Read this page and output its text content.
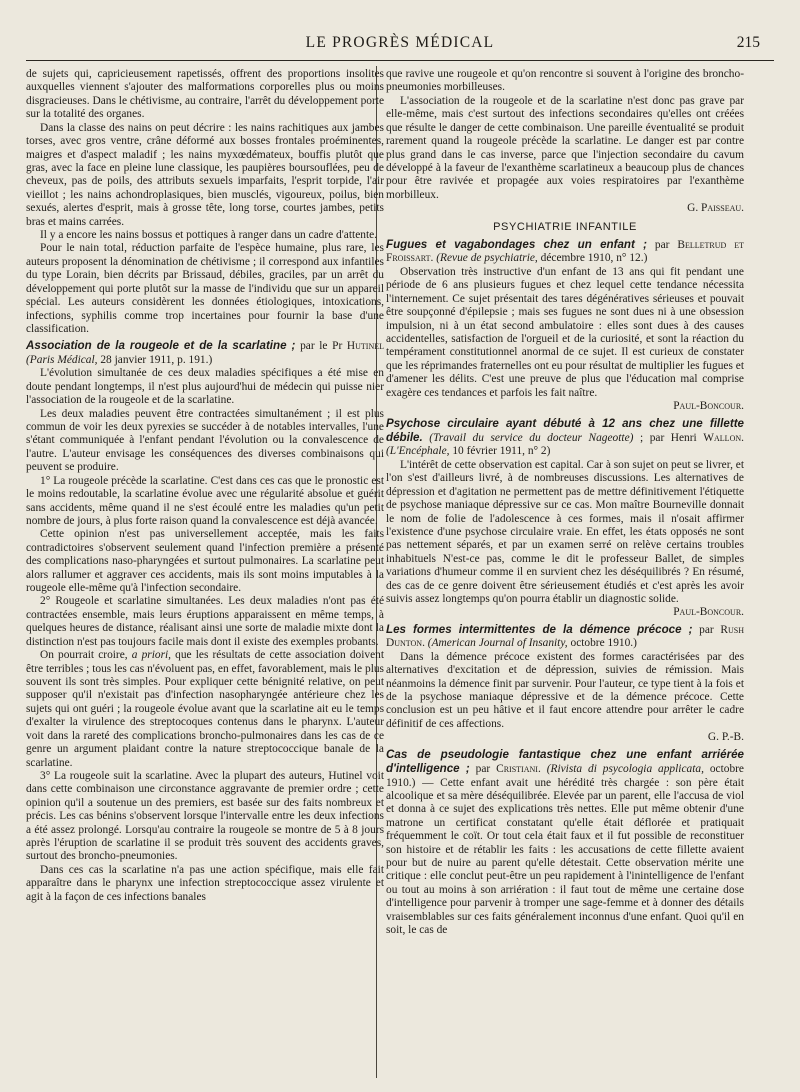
LE PROGRÈS MÉDICAL	215

de sujets qui, capricieusement rapetissés, offrent des proportions insolites auxquelles viennent s'ajouter des malformations corporelles plus ou moins disgracieuses. Dans le chétivisme, au contraire, l'arrêt du développement porte sur la totalité des organes.

Dans la classe des nains on peut décrire : les nains rachitiques aux jambes torses, avec gros ventre, crâne déformé aux bosses frontales proéminentes, maigres et d'aspect maladif ; les nains myxœdémateux, bouffis plutôt que gras, avec la face en pleine lune classique, les paupières boursouflées, peu de cheveux, pas de poils, des attributs sexuels imparfaits, l'esprit torpide, l'air vieillot ; les nains achondroplasiques, bien musclés, vigoureux, poilus, bien sexués, alertes d'esprit, mais à grosse tête, long torse, courtes jambes, petits bras et mains carrées.

Il y a encore les nains bossus et pottiques à ranger dans un cadre d'attente.

Pour le nain total, réduction parfaite de l'espèce humaine, plus rare, les auteurs proposent la dénomination de chétivisme ; il correspond aux infantiles du type Lorain, bien décrits par Brissaud, débiles, graciles, par un arrêt du développement qui porte plutôt sur la masse de l'individu que sur un appareil spécial. Les auteurs considèrent les données étiologiques, intoxications, infections, syphilis comme trop incertaines pour fournir la base d'une classification.

Association de la rougeole et de la scarlatine ; par le Pr Hutinel (Paris Médical, 28 janvier 1911, p. 191.)

L'évolution simultanée de ces deux maladies spécifiques a été mise en doute pendant longtemps, il n'est plus aujourd'hui de médecin qui puisse nier l'association de la rougeole et de la scarlatine.

Les deux maladies peuvent être contractées simultanément ; il est plus commun de voir les deux pyrexies se succéder à de notables intervalles, l'une s'étant communiquée à l'enfant pendant l'évolution ou la convalescence de l'autre. L'auteur envisage les conséquences des diverses combinaisons qui peuvent se produire.

1° La rougeole précède la scarlatine. C'est dans ces cas que le pronostic est le moins redoutable, la scarlatine évolue avec une régularité absolue et guérit sans accidents, même quand il ne s'est écoulé entre les maladies qu'un petit nombre de jours, à plus forte raison quand la convalescence est déjà avancée.

Cette opinion n'est pas universellement acceptée, mais les faits contradictoires s'observent seulement quand l'infection première a présenté des complications naso-pharyngées et surtout pulmonaires. La scarlatine peut alors rallumer et aggraver ces accidents, mais ils sont moins imputables à la rougeole elle-même qu'à l'infection secondaire.

2° Rougeole et scarlatine simultanées. Les deux maladies n'ont pas été contractées ensemble, mais leurs éruptions apparaissent en même temps, à quelques heures de distance, réalisant ainsi une sorte de maladie mixte dont la distinction n'est pas toujours facile mais dont il existe des exemples probants.

On pourrait croire, a priori, que les résultats de cette association doivent être terribles ; tous les cas n'évoluent pas, en effet, favorablement, mais le plus souvent ils sont très simples. Pour expliquer cette bénignité relative, on peut supposer qu'il n'existait pas d'infection nasopharyngée antérieure chez les sujets qui ont guéri ; la rougeole évolue avant que la scarlatine ait eu le temps d'exalter la virulence des streptocoques contenus dans le pharynx. L'auteur voit dans la rareté des complications broncho-pulmonaires dans les cas de ce genre un argument plaidant contre la nature streptococcique banale de la scarlatine.

3° La rougeole suit la scarlatine. Avec la plupart des auteurs, Hutinel voit dans cette combinaison une circonstance aggravante de premier ordre ; cette opinion qu'il a soutenue un des premiers, est basée sur des faits nombreux et précis. Les cas bénins s'observent lorsque l'intervalle entre les deux infections a été assez prolongé. Lorsqu'au contraire la rougeole se montre de 5 à 8 jours après l'éruption de scarlatine il se produit très souvent des accidents graves, surtout des broncho-pneumonies.

Dans ces cas la scarlatine n'a pas une action spécifique, mais elle fait apparaître dans le pharynx une infection streptococcique assez virulente et agit à la façon de ces infections banales

que ravive une rougeole et qu'on rencontre si souvent à l'origine des broncho-pneumonies morbilleuses.

L'association de la rougeole et de la scarlatine n'est donc pas grave par elle-même, mais c'est surtout des infections secondaires qu'elles ont créées que résulte le danger de cette combinaison. Une pareille éventualité se produit rarement quand la rougeole précède la scarlatine. Le danger est par contre plus grand dans le cas inverse, parce que l'injection secondaire du cavum développé à la faveur de l'exanthème scarlatineux a beaucoup plus de chances pour être ravivée et propagée aux voies respiratoires par l'exanthème morbilleux.

G. Paisseau.

PSYCHIATRIE INFANTILE

Fugues et vagabondages chez un enfant ; par Belletrud et Froissart. (Revue de psychiatrie, décembre 1910, n° 12.)

Observation très instructive d'un enfant de 13 ans qui fit pendant une période de 6 ans plusieurs fugues et chez lequel cette tendance nécessita l'internement. Ce sujet présentait des tares dégénératives sérieuses et pouvait être soupçonné d'épilepsie ; mais ses fugues ne sont dues ni à une obsession impulsion, ni à un état second ambulatoire : elles sont dues à des causes accidentelles, satisfaction de l'orgueil et de la curiosité, et sont la réaction du tempérament constitutionnel anormal de ce sujet. Il est curieux de constater que les réprimandes fraternelles ont eu pour résultat de multiplier les fugues et d'amener les délits. C'est une preuve de plus que l'éducation mal comprise exagère ces tendances et parfois les fait naître.

Paul-Boncour.

Psychose circulaire ayant débuté à 12 ans chez une fillette débile. (Travail du service du docteur Nageotte) ; par Henri Wallon. (L'Encéphale, 10 février 1911, n° 2)

L'intérêt de cette observation est capital. Car à son sujet on peut se livrer, et l'on s'est d'ailleurs livré, à de nombreuses discussions. Les alternatives de dépression et d'agitation ne permettent pas de mettre définitivement l'étiquette de psychose maniaque dépressive sur ce cas. Mon maître Bourneville donnait le nom de folie de l'adolescence à ces formes, mais il n'osait affirmer l'existence d'une psychose circulaire vraie. En effet, les états opposés ne sont pas nettement séparés, et par un examen serré on relève certains troubles inhabituels N'est-ce pas, comme le dit le professeur Ballet, de simples variations d'humeur comme il en survient chez les déséquilibrés ? En résumé, des cas de ce genre doivent être sérieusement étudiés et c'est après les avoir suivis assez longtemps qu'on pourra établir un diagnostic solide.

Paul-Boncour.

Les formes intermittentes de la démence précoce ; par Rush Dunton. (American Journal of Insanity, octobre 1910.)

Dans la démence précoce existent des formes caractérisées par des alternatives d'excitation et de dépression, suivies de rémission. Mais néanmoins la démence finit par survenir. Pour l'auteur, ce type tient à la fois et de la psychose maniaque dépressive et de la démence précoce. Cette conclusion est un peu hâtive et il faut encore attendre pour arrêter le cadre définitif de ces affections.

G. P.-B.

Cas de pseudologie fantastique chez une enfant arriérée d'intelligence ; par Cristiani. (Rivista di psycologia applicata, octobre 1910.) — Cette enfant avait une hérédité très chargée : son père était alcoolique et sa mère déséquilibrée. Elevée par un parent, elle l'accusa de viol et donna à ce sujet des explications très nettes. Elle put même obtenir d'une matrone un certificat constatant qu'elle était déflorée et pratiquait fréquemment le coït. Or tout cela était faux et il fut possible de reconstituer son histoire et de rétablir les faits : les accusations de cette fillette avaient pour but de nuire au parent qu'elle détestait. Cette observation mérite une critique : elle conclut peut-être un peu rapidement à l'inintelligence de l'enfant ou tout au moins à son arriération : il faut tout de même une certaine dose d'intelligence pour parvenir à tromper une sage-femme et à donner des détails vraisemblables sur ces faits généralement inconnus d'une enfant. Quoi qu'il en soit, le cas de
